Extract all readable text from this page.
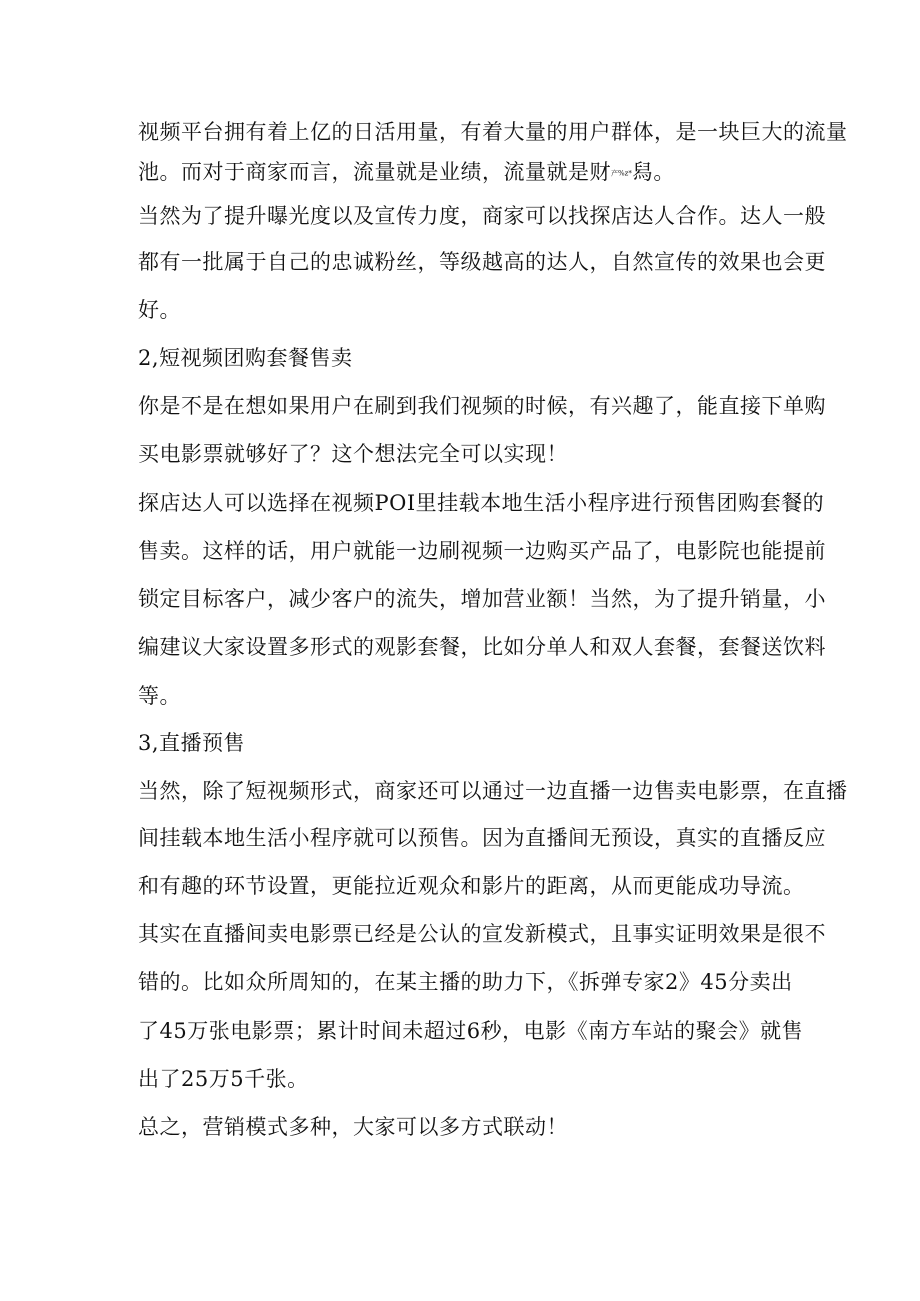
视频平台拥有着上亿的日活用量，有着大量的用户群体，是一块巨大的流量
池。而对于商家而言，流量就是业绩，流量就是财产%z*舄。
当然为了提升曝光度以及宣传力度，商家可以找探店达人合作。达人一般
都有一批属于自己的忠诚粉丝，等级越高的达人，自然宣传的效果也会更
好。
2,短视频团购套餐售卖
你是不是在想如果用户在刷到我们视频的时候，有兴趣了，能直接下单购
买电影票就够好了？这个想法完全可以实现！
探店达人可以选择在视频POI里挂载本地生活小程序进行预售团购套餐的
售卖。这样的话，用户就能一边刷视频一边购买产品了，电影院也能提前
锁定目标客户，减少客户的流失，增加营业额！当然，为了提升销量，小
编建议大家设置多形式的观影套餐，比如分单人和双人套餐，套餐送饮料
等。
3,直播预售
当然，除了短视频形式，商家还可以通过一边直播一边售卖电影票，在直播
间挂载本地生活小程序就可以预售。因为直播间无预设，真实的直播反应
和有趣的环节设置，更能拉近观众和影片的距离，从而更能成功导流。
其实在直播间卖电影票已经是公认的宣发新模式，且事实证明效果是很不
错的。比如众所周知的，在某主播的助力下，《拆弹专家2》45分卖出
了45万张电影票；累计时间未超过6秒，电影《南方车站的聚会》就售
出了25万5千张。
总之，营销模式多种，大家可以多方式联动！
